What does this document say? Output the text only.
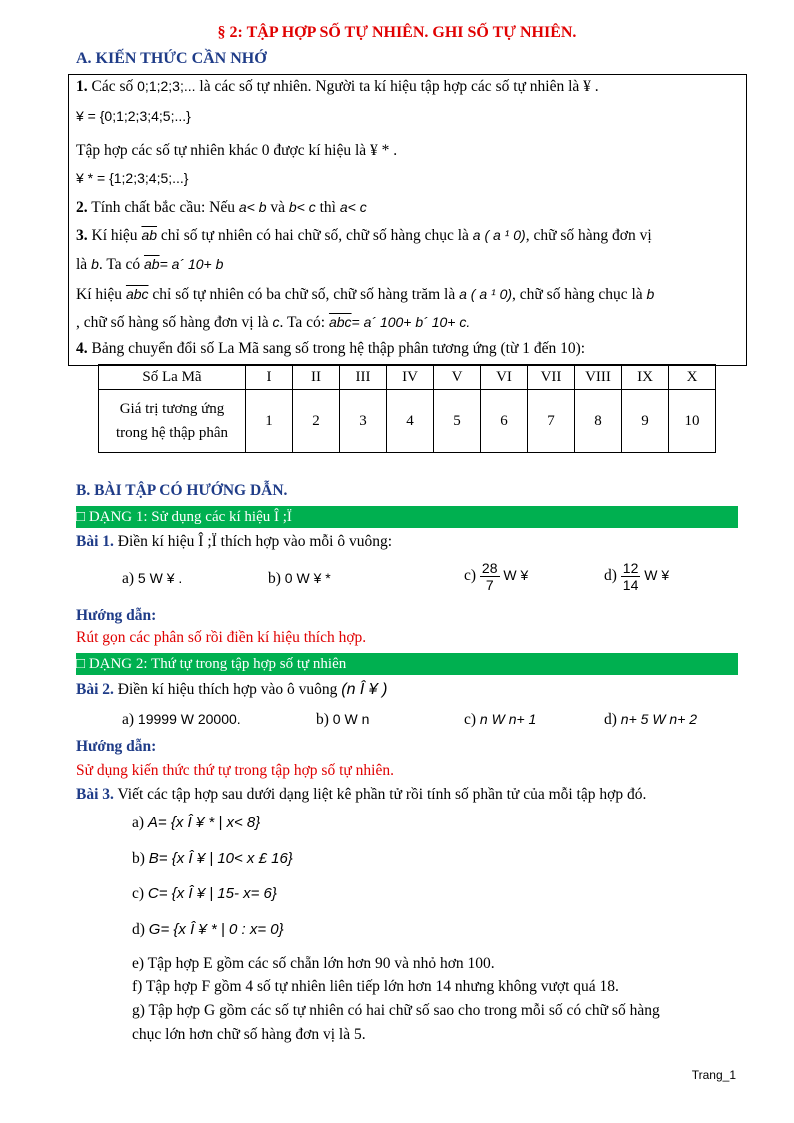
§ 2: TẬP HỢP SỐ TỰ NHIÊN. GHI SỐ TỰ NHIÊN.
A. KIẾN THỨC CẦN NHỚ
1. Các số 0;1;2;3;... là các số tự nhiên. Người ta kí hiệu tập hợp các số tự nhiên là ¥ .
¥ = {0;1;2;3;4;5;...}
Tập hợp các số tự nhiên khác 0 được kí hiệu là ¥ * .
¥ * = {1;2;3;4;5;...}
2. Tính chất bắc cầu: Nếu a< b và b< c thì a< c
3. Kí hiệu $\overline{ab}$ chỉ số tự nhiên có hai chữ số, chữ số hàng chục là a ( a ¹ 0), chữ số hàng đơn vị
là b. Ta có $\overline{ab}=$ a´ 10+ b
Kí hiệu $\overline{abc}$ chỉ số tự nhiên có ba chữ số, chữ số hàng trăm là a ( a ¹ 0), chữ số hàng chục là b
, chữ số hàng số hàng đơn vị là c. Ta có: $\overline{abc}=$ a´ 100+ b´ 10+ c.
4. Bảng chuyển đổi số La Mã sang số trong hệ thập phân tương ứng (từ 1 đến 10):
Số La Mã	I	II	III	IV	V	VI	VII	VIII	IX	X
Giá trị tương ứng
trong hệ thập phân	1	2	3	4	5	6	7	8	9	10
B. BÀI TẬP CÓ HƯỚNG DẪN.
□ DẠNG 1: Sử dụng các kí hiệu Î ;Ï
Bài 1. Điền kí hiệu Î ;Ï thích hợp vào mỗi ô vuông:
a) 5 W ¥ .	b) 0 W ¥ *	$c) \frac{28}{7}$ W ¥	$d) \frac{12}{14}$ W ¥
Hướng dẫn:
Rút gọn các phân số rồi điền kí hiệu thích hợp.
□ DẠNG 2: Thứ tự trong tập hợp số tự nhiên
Bài 2. Điền kí hiệu thích hợp vào ô vuông (n Î ¥ )
a) 19999 W 20000.	b) 0 W n	c) n W n+ 1	d) n+ 5 W n+ 2
Hướng dẫn:
Sử dụng kiến thức thứ tự trong tập hợp số tự nhiên.
Bài 3. Viết các tập hợp sau dưới dạng liệt kê phần tử rồi tính số phần tử của mỗi tập hợp đó.
a) A= {x Î ¥ * | x< 8}
b) B= {x Î ¥ | 10< x £ 16}
c) C= {x Î ¥ | 15- x= 6}
d) G= {x Î ¥ * | 0 : x= 0}
e) Tập hợp E gồm các số chẵn lớn hơn 90 và nhỏ hơn 100.
f) Tập hợp F gồm 4 số tự nhiên liên tiếp lớn hơn 14 nhưng không vượt quá 18.
g) Tập hợp G gồm các số tự nhiên có hai chữ số sao cho trong mỗi số có chữ số hàng
chục lớn hơn chữ số hàng đơn vị là 5.
Trang_1
